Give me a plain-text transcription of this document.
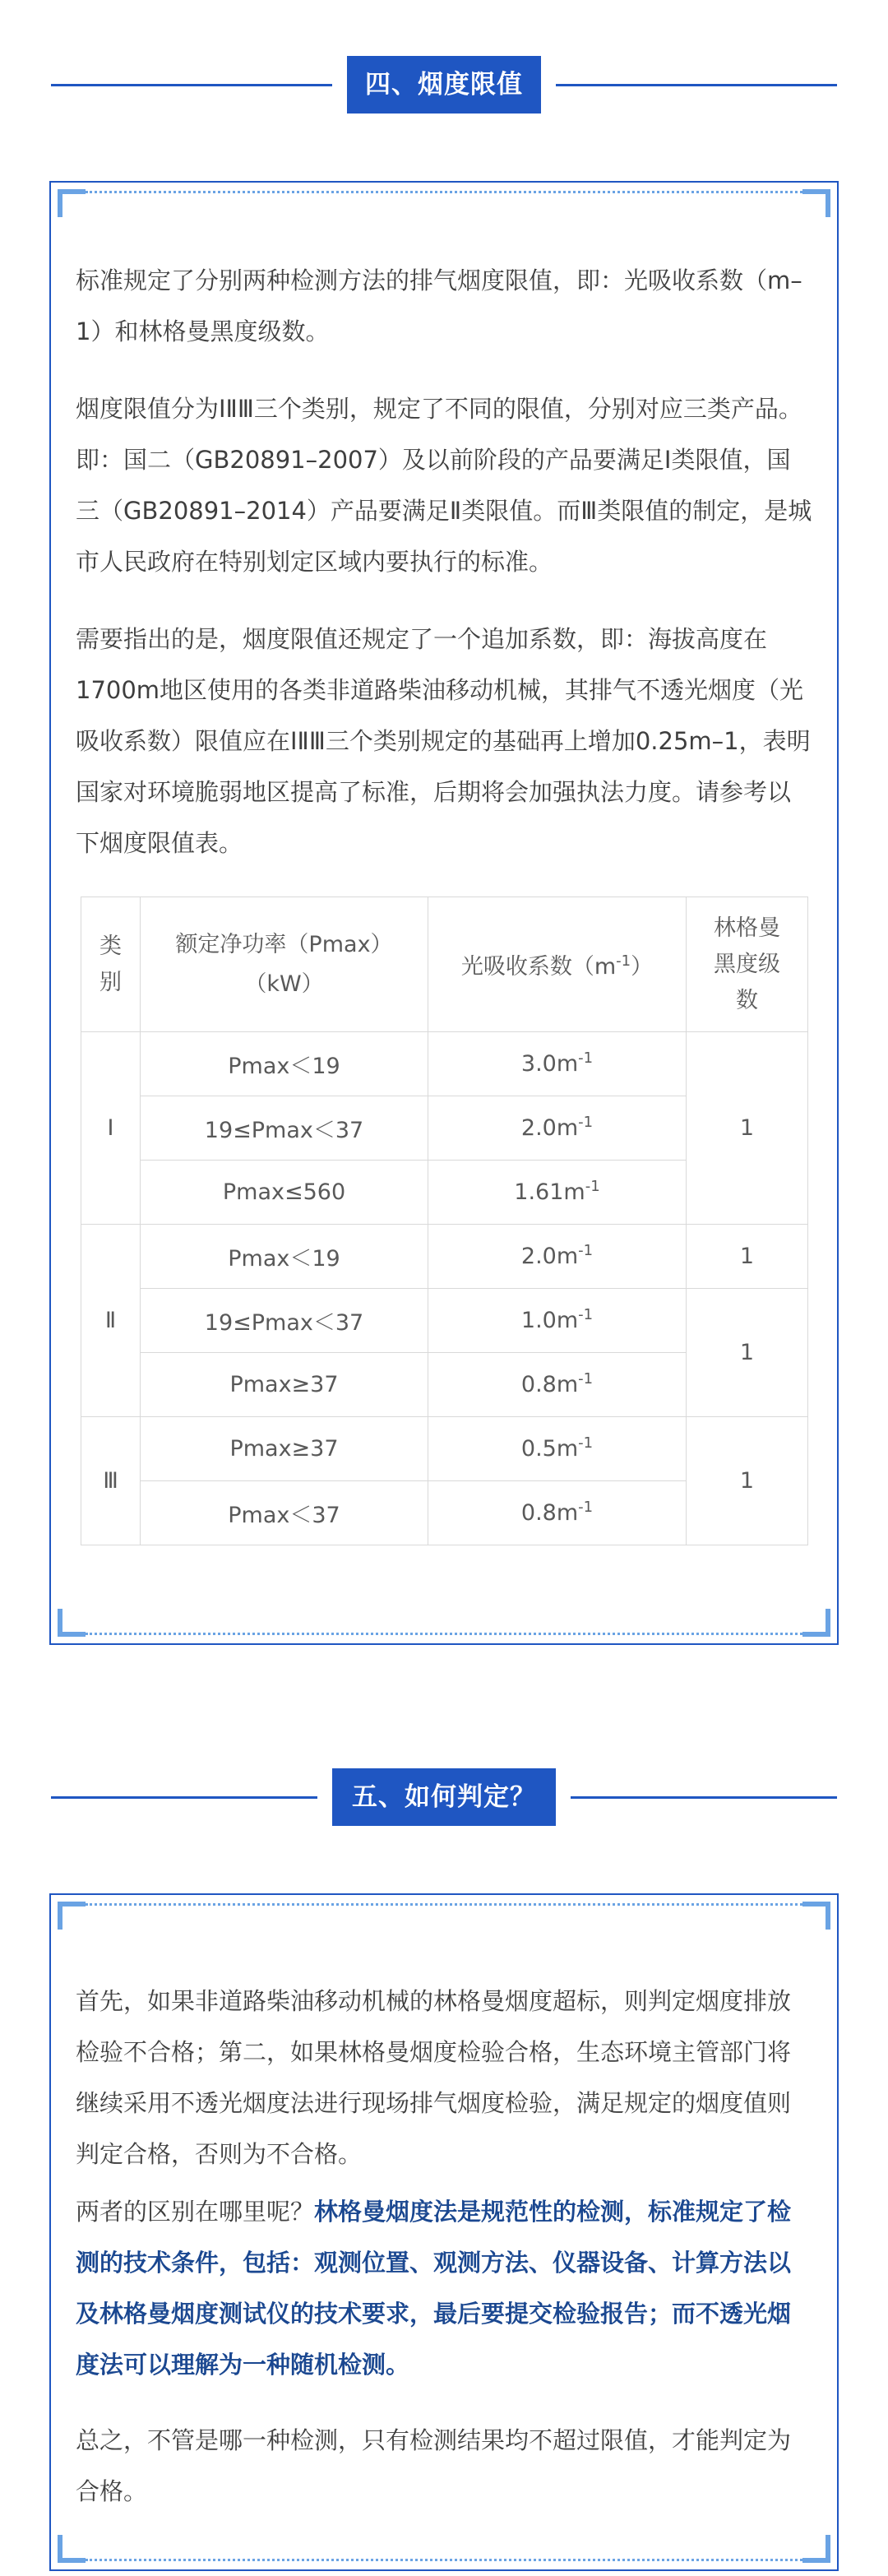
四、烟度限值

标准规定了分别两种检测方法的排气烟度限值，即：光吸收系数（m–1）和林格曼黑度级数。

烟度限值分为ⅠⅡⅢ三个类别，规定了不同的限值，分别对应三类产品。即：国二（GB20891–2007）及以前阶段的产品要满足Ⅰ类限值，国三（GB20891–2014）产品要满足Ⅱ类限值。而Ⅲ类限值的制定，是城市人民政府在特别划定区域内要执行的标准。

需要指出的是，烟度限值还规定了一个追加系数，即：海拔高度在1700m地区使用的各类非道路柴油移动机械，其排气不透光烟度（光吸收系数）限值应在ⅠⅡⅢ三个类别规定的基础再上增加0.25m–1，表明国家对环境脆弱地区提高了标准，后期将会加强执法力度。请参考以下烟度限值表。

类别	额定净功率（Pmax）（kW）	光吸收系数$(m^{-1})$	林格曼黑度级数
Ⅰ	Pmax＜19	$3.0m^{-1}$	1
	19≤Pmax＜37	$2.0m^{-1}$
	Pmax≤560	$1.61m^{-1}$
Ⅱ	Pmax＜19	$2.0m^{-1}$	1
	19≤Pmax＜37	$1.0m^{-1}$	1
	Pmax≥37	$0.8m^{-1}$
Ⅲ	Pmax≥37	$0.5m^{-1}$	1
	Pmax＜37	$0.8m^{-1}$
五、如何判定？

首先，如果非道路柴油移动机械的林格曼烟度超标，则判定烟度排放检验不合格；第二，如果林格曼烟度检验合格，生态环境主管部门将继续采用不透光烟度法进行现场排气烟度检验，满足规定的烟度值则判定合格，否则为不合格。

两者的区别在哪里呢？林格曼烟度法是规范性的检测，标准规定了检测的技术条件，包括：观测位置、观测方法、仪器设备、计算方法以及林格曼烟度测试仪的技术要求，最后要提交检验报告；而不透光烟度法可以理解为一种随机检测。

总之，不管是哪一种检测，只有检测结果均不超过限值，才能判定为合格。
